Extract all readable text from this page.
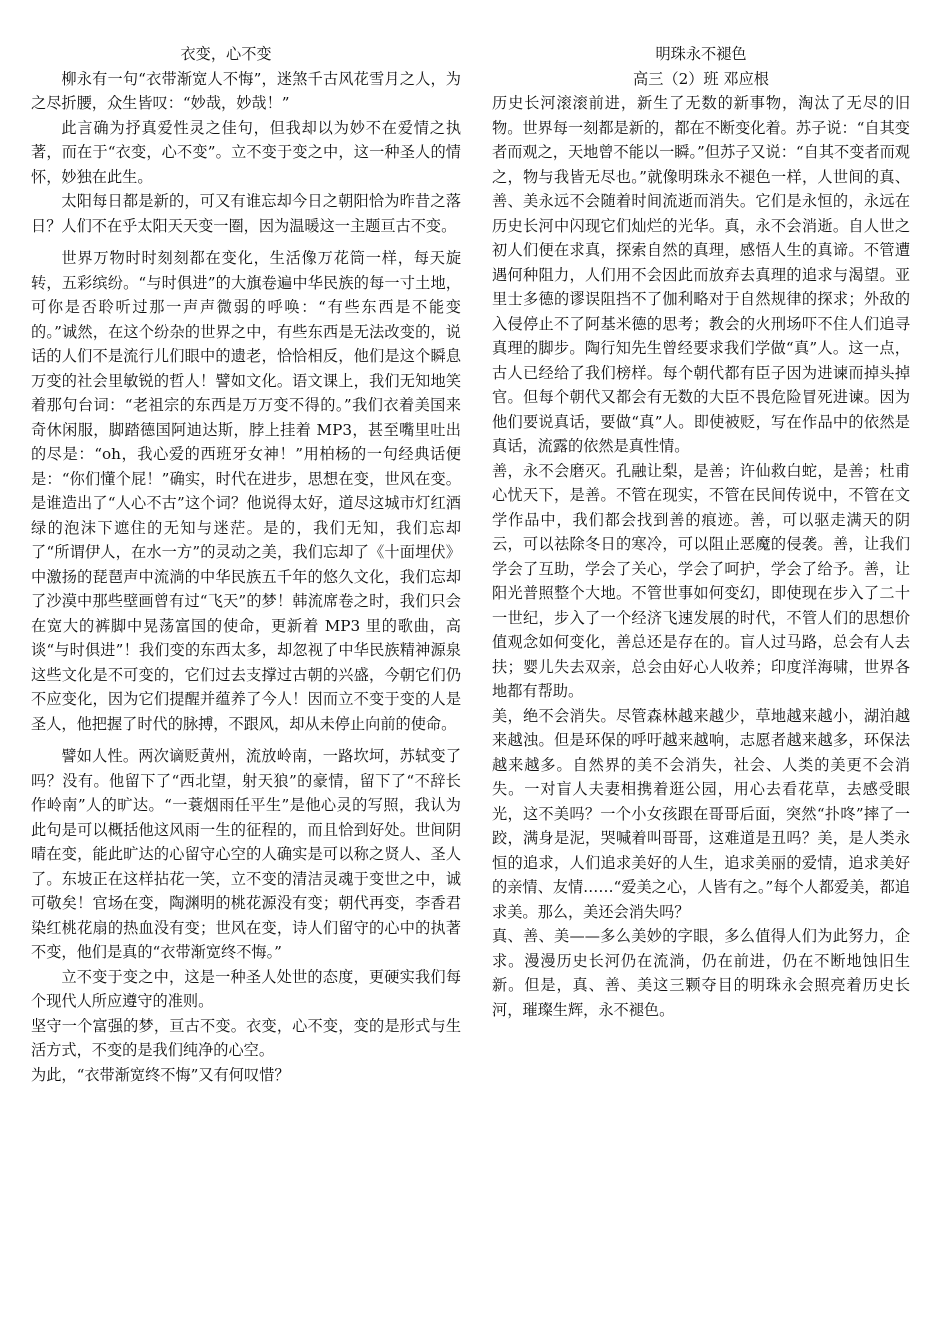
衣变，心不变

柳永有一句“衣带渐宽人不悔”，迷煞千古风花雪月之人，为之尽折腰，众生皆叹：“妙哉，妙哉！”

此言确为抒真爱性灵之佳句，但我却以为妙不在爱情之执著，而在于“衣变，心不变”。立不变于变之中，这一种圣人的情怀，妙独在此生。

太阳每日都是新的，可又有谁忘却今日之朝阳恰为昨昔之落日？人们不在乎太阳天天变一圈，因为温暖这一主题亘古不变。

世界万物时时刻刻都在变化，生活像万花筒一样，每天旋转，五彩缤纷。“与时俱进”的大旗卷遍中华民族的每一寸土地，可你是否聆听过那一声声微弱的呼唤：“有些东西是不能变的。”诚然，在这个纷杂的世界之中，有些东西是无法改变的，说话的人们不是流行儿们眼中的遗老，恰恰相反，他们是这个瞬息万变的社会里敏锐的哲人！譬如文化。语文课上，我们无知地笑着那句台词：“老祖宗的东西是万万变不得的。”我们衣着美国来奇休闲服，脚踏德国阿迪达斯，脖上挂着 MP3，甚至嘴里吐出的尽是：“oh，我心爱的西班牙女神！”用柏杨的一句经典话便是：“你们懂个屁！”确实，时代在进步，思想在变，世风在变。是谁造出了“人心不古”这个词？他说得太好，道尽这城市灯红酒绿的泡沫下遮住的无知与迷茫。是的，我们无知，我们忘却了“所谓伊人，在水一方”的灵动之美，我们忘却了《十面埋伏》中激扬的琵琶声中流淌的中华民族五千年的悠久文化，我们忘却了沙漠中那些壁画曾有过“飞天”的梦！韩流席卷之时，我们只会在宽大的裤脚中晃荡富国的使命，更新着 MP3 里的歌曲，高谈“与时俱进”！我们变的东西太多，却忽视了中华民族精神源泉这些文化是不可变的，它们过去支撑过古朝的兴盛，今朝它们仍不应变化，因为它们提醒并蕴养了今人！因而立不变于变的人是圣人，他把握了时代的脉搏，不跟风，却从未停止向前的使命。

譬如人性。两次谪贬黄州，流放岭南，一路坎坷，苏轼变了吗？没有。他留下了“西北望，射天狼”的豪情，留下了“不辞长作岭南”人的旷达。“一蓑烟雨任平生”是他心灵的写照，我认为此句是可以概括他这风雨一生的征程的，而且恰到好处。世间阴晴在变，能此旷达的心留守心空的人确实是可以称之贤人、圣人了。东坡正在这样拈花一笑，立不变的清洁灵魂于变世之中，诚可敬矣！官场在变，陶渊明的桃花源没有变；朝代再变，李香君染红桃花扇的热血没有变；世风在变，诗人们留守的心中的执著不变，他们是真的“衣带渐宽终不悔。”

立不变于变之中，这是一种圣人处世的态度，更硬实我们每个现代人所应遵守的准则。

坚守一个富强的梦，亘古不变。衣变，心不变，变的是形式与生活方式，不变的是我们纯净的心空。

为此，“衣带渐宽终不悔”又有何叹惜？

明珠永不褪色

高三（2）班 邓应根

历史长河滚滚前进，新生了无数的新事物，淘汰了无尽的旧物。世界每一刻都是新的，都在不断变化着。苏子说：“自其变者而观之，天地曾不能以一瞬。”但苏子又说：“自其不变者而观之，物与我皆无尽也。”就像明珠永不褪色一样，人世间的真、善、美永远不会随着时间流逝而消失。它们是永恒的，永远在历史长河中闪现它们灿烂的光华。真，永不会消逝。自人世之初人们便在求真，探索自然的真理，感悟人生的真谛。不管遭遇何种阻力，人们用不会因此而放弃去真理的追求与渴望。亚里士多德的谬误阻挡不了伽利略对于自然规律的探求；外敌的入侵停止不了阿基米德的思考；教会的火刑场吓不住人们追寻真理的脚步。陶行知先生曾经要求我们学做“真”人。这一点，古人已经给了我们榜样。每个朝代都有臣子因为进谏而掉头掉官。但每个朝代又都会有无数的大臣不畏危险冒死进谏。因为他们要说真话，要做“真”人。即使被贬，写在作品中的依然是真话，流露的依然是真性情。

善，永不会磨灭。孔融让梨，是善；许仙救白蛇，是善；杜甫心忧天下，是善。不管在现实，不管在民间传说中，不管在文学作品中，我们都会找到善的痕迹。善，可以驱走满天的阴云，可以祛除冬日的寒冷，可以阻止恶魔的侵袭。善，让我们学会了互助，学会了关心，学会了呵护，学会了给予。善，让阳光普照整个大地。不管世事如何变幻，即使现在步入了二十一世纪，步入了一个经济飞速发展的时代，不管人们的思想价值观念如何变化，善总还是存在的。盲人过马路，总会有人去扶；婴儿失去双亲，总会由好心人收养；印度洋海啸，世界各地都有帮助。

美，绝不会消失。尽管森林越来越少，草地越来越小，湖泊越来越浊。但是环保的呼吁越来越响，志愿者越来越多，环保法越来越多。自然界的美不会消失，社会、人类的美更不会消失。一对盲人夫妻相携着逛公园，用心去看花草，去感受眼光，这不美吗？一个小女孩跟在哥哥后面，突然“扑咚”摔了一跤，满身是泥，哭喊着叫哥哥，这难道是丑吗？美，是人类永恒的追求，人们追求美好的人生，追求美丽的爱情，追求美好的亲情、友情……“爱美之心，人皆有之。”每个人都爱美，都追求美。那么，美还会消失吗？

真、善、美——多么美妙的字眼，多么值得人们为此努力，企求。漫漫历史长河仍在流淌，仍在前进，仍在不断地蚀旧生新。但是，真、善、美这三颗夺目的明珠永会照亮着历史长河，璀璨生辉，永不褪色。
